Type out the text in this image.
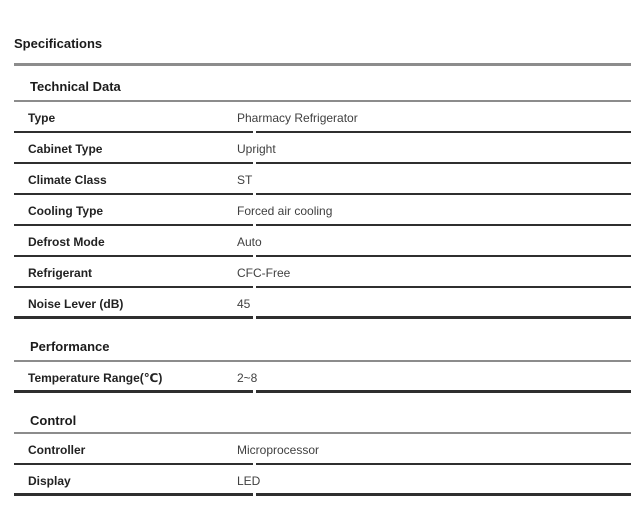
Specifications
Technical Data
Type	Pharmacy Refrigerator
Cabinet Type	Upright
Climate Class	ST
Cooling Type	Forced air cooling
Defrost Mode	Auto
Refrigerant	CFC-Free
Noise Lever (dB)	45
Performance
Temperature Range(℃)	2~8
Control
Controller	Microprocessor
Display	LED
